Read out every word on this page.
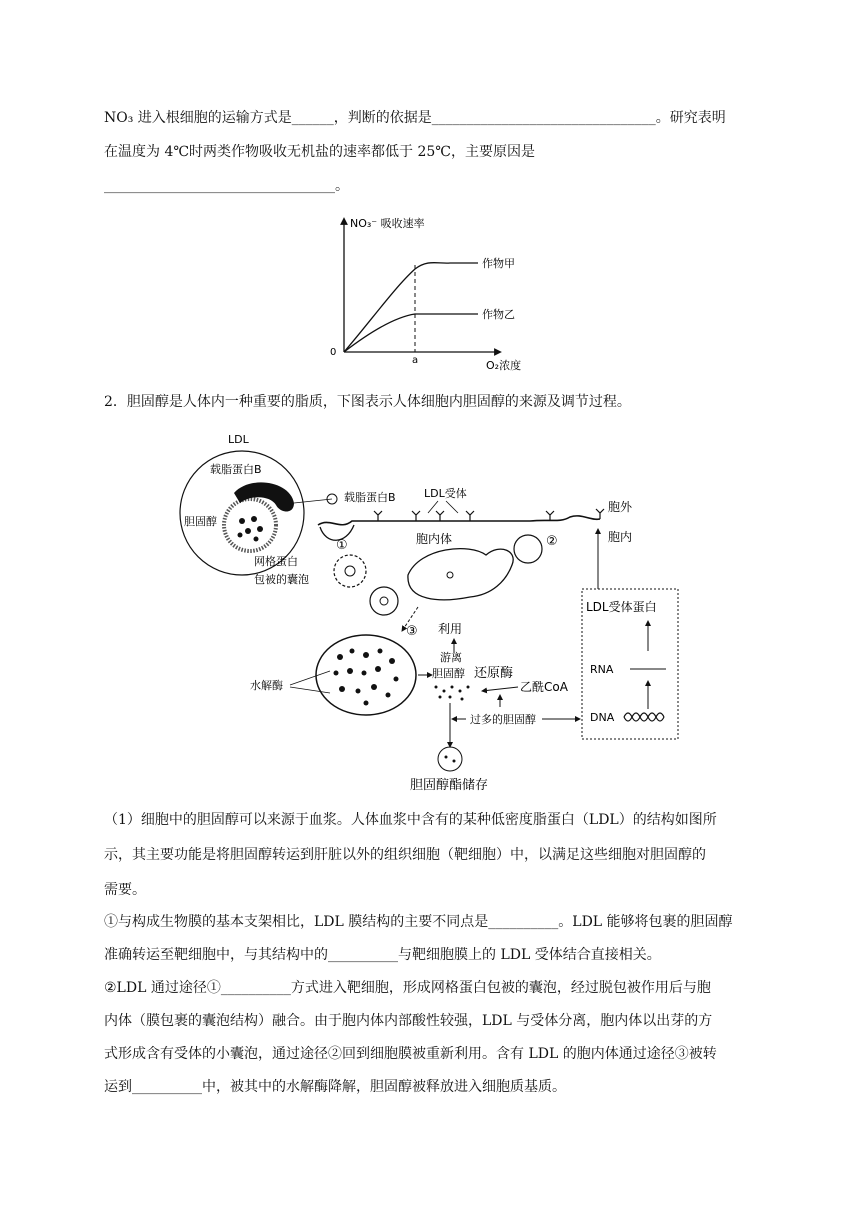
NO₃ 进入根细胞的运输方式是______，判断的依据是________________________________。研究表明
在温度为 4℃时两类作物吸收无机盐的速率都低于 25℃，主要原因是
_________________________________。
NO₃⁻ 吸收速率
O₂浓度
0
a
作物甲
作物乙
2．胆固醇是人体内一种重要的脂质，下图表示人体细胞内胆固醇的来源及调节过程。
LDL
载脂蛋白B
胆固醇
载脂蛋白B	LDL受体
胞外
胞内
①
网格蛋白
包被的囊泡
胞内体	②
③
水解酶
利用
游离
胆固醇 还原酶
乙酰CoA
胆固醇酯储存
过多的胆固醇
LDL受体蛋白
RNA
DNA
（1）细胞中的胆固醇可以来源于血浆。人体血浆中含有的某种低密度脂蛋白（LDL）的结构如图所
示，其主要功能是将胆固醇转运到肝脏以外的组织细胞（靶细胞）中，以满足这些细胞对胆固醇的
需要。
①与构成生物膜的基本支架相比，LDL 膜结构的主要不同点是__________。LDL 能够将包裹的胆固醇
准确转运至靶细胞中，与其结构中的__________与靶细胞膜上的 LDL 受体结合直接相关。
②LDL 通过途径①__________方式进入靶细胞，形成网格蛋白包被的囊泡，经过脱包被作用后与胞
内体（膜包裹的囊泡结构）融合。由于胞内体内部酸性较强，LDL 与受体分离，胞内体以出芽的方
式形成含有受体的小囊泡，通过途径②回到细胞膜被重新利用。含有 LDL 的胞内体通过途径③被转
运到__________中，被其中的水解酶降解，胆固醇被释放进入细胞质基质。
